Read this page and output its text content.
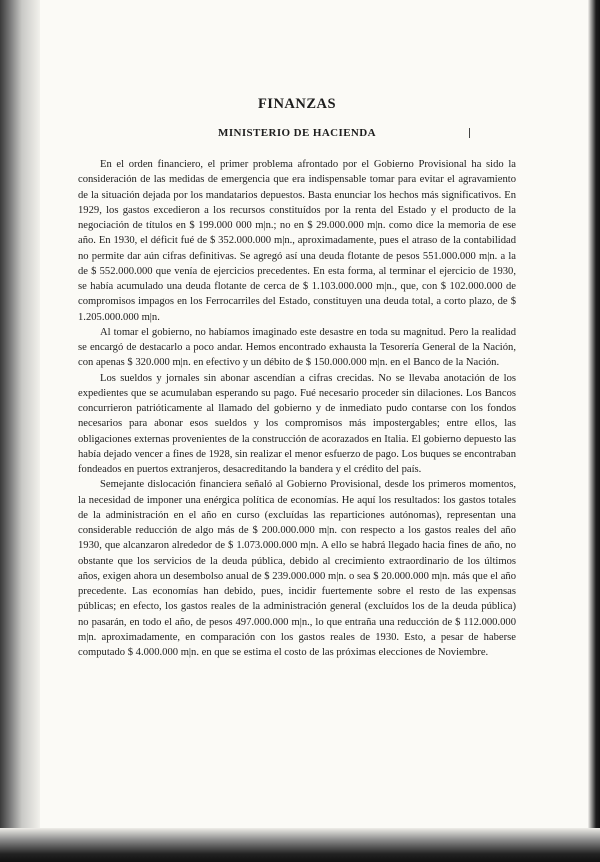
FINANZAS
MINISTERIO DE HACIENDA

En el orden financiero, el primer problema afrontado por el Gobierno Provisional ha sido la consideración de las medidas de emergencia que era indispensable tomar para evitar el agravamiento de la situación dejada por los mandatarios depuestos. Basta enunciar los hechos más significativos. En 1929, los gastos excedieron a los recursos constituídos por la renta del Estado y el producto de la negociación de títulos en $ 199.000 000 m|n.; no en $ 29.000.000 m|n. como dice la memoria de ese año. En 1930, el déficit fué de $ 352.000.000 m|n., aproximadamente, pues el atraso de la contabilidad no permite dar aún cifras definitivas. Se agregó así una deuda flotante de pesos 551.000.000 m|n. a la de $ 552.000.000 que venía de ejercicios precedentes. En esta forma, al terminar el ejercicio de 1930, se había acumulado una deuda flotante de cerca de $ 1.103.000.000 m|n., que, con $ 102.000.000 de compromisos impagos en los Ferrocarriles del Estado, constituyen una deuda total, a corto plazo, de $ 1.205.000.000 m|n.

Al tomar el gobierno, no habíamos imaginado este desastre en toda su magnitud. Pero la realidad se encargó de destacarlo a poco andar. Hemos encontrado exhausta la Tesorería General de la Nación, con apenas $ 320.000 m|n. en efectivo y un débito de $ 150.000.000 m|n. en el Banco de la Nación.

Los sueldos y jornales sin abonar ascendían a cifras crecidas. No se llevaba anotación de los expedientes que se acumulaban esperando su pago. Fué necesario proceder sin dilaciones. Los Bancos concurrieron patrióticamente al llamado del gobierno y de inmediato pudo contarse con los fondos necesarios para abonar esos sueldos y los compromisos más impostergables; entre ellos, las obligaciones externas provenientes de la construcción de acorazados en Italia. El gobierno depuesto las había dejado vencer a fines de 1928, sin realizar el menor esfuerzo de pago. Los buques se encontraban fondeados en puertos extranjeros, desacreditando la bandera y el crédito del país.

Semejante dislocación financiera señaló al Gobierno Provisional, desde los primeros momentos, la necesidad de imponer una enérgica política de economías. He aquí los resultados: los gastos totales de la administración en el año en curso (excluídas las reparticiones autónomas), representan una considerable reducción de algo más de $ 200.000.000 m|n. con respecto a los gastos reales del año 1930, que alcanzaron alrededor de $ 1.073.000.000 m|n. A ello se habrá llegado hacia fines de año, no obstante que los servicios de la deuda pública, debido al crecimiento extraordinario de los últimos años, exigen ahora un desembolso anual de $ 239.000.000 m|n. o sea $ 20.000.000 m|n. más que el año precedente. Las economías han debido, pues, incidir fuertemente sobre el resto de las expensas públicas; en efecto, los gastos reales de la administración general (excluídos los de la deuda pública) no pasarán, en todo el año, de pesos 497.000.000 m|n., lo que entraña una reducción de $ 112.000.000 m|n. aproximadamente, en comparación con los gastos reales de 1930. Esto, a pesar de haberse computado $ 4.000.000 m|n. en que se estima el costo de las próximas elecciones de Noviembre.
